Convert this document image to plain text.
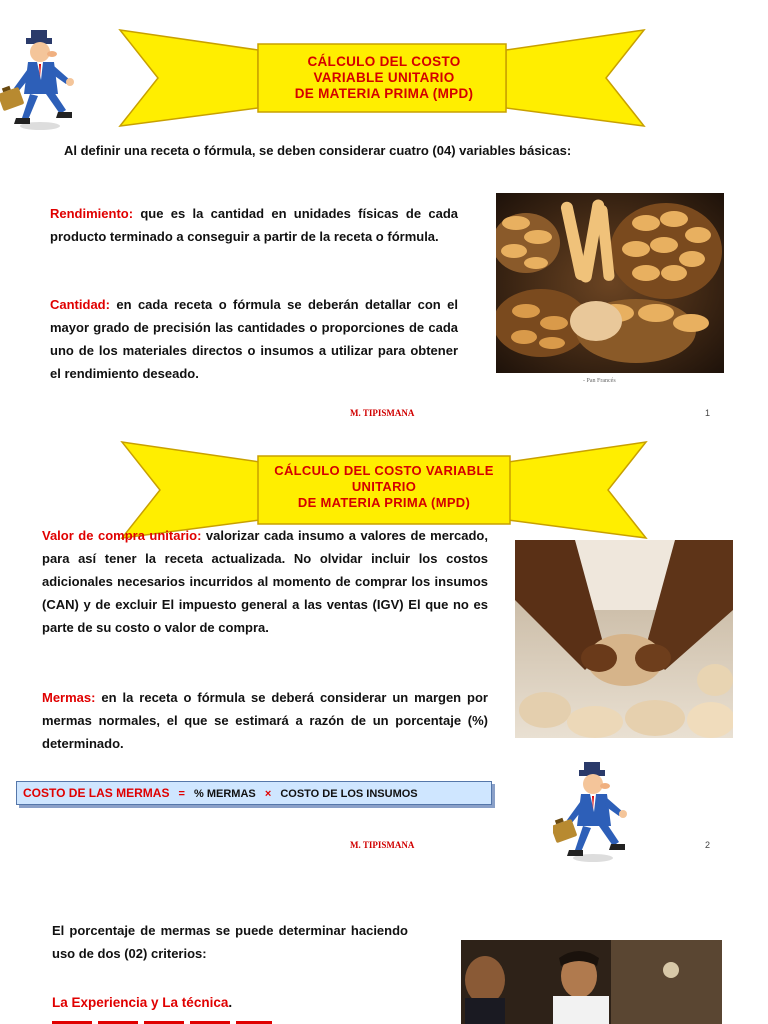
CÁLCULO DEL COSTO
VARIABLE UNITARIO
DE MATERIA PRIMA (MPD)
Al definir una receta o fórmula, se deben considerar cuatro (04) variables básicas:
Rendimiento: que es la cantidad en unidades físicas de cada producto terminado a conseguir a partir de la receta o fórmula.
Cantidad: en cada receta o fórmula se deberán detallar con el mayor grado de precisión las cantidades o proporciones de cada uno de los materiales directos o insumos a utilizar para obtener el rendimiento deseado.	- Pan Francés
M. TIPISMANA	1
CÁLCULO DEL COSTO VARIABLE
UNITARIO
DE MATERIA PRIMA (MPD)
Valor de compra unitario: valorizar cada insumo a valores de mercado, para así tener la receta actualizada. No olvidar incluir los costos adicionales necesarios incurridos al momento de comprar los insumos (CAN) y de excluir El impuesto general a las ventas (IGV) El que no es parte de su costo o valor de compra.
Mermas: en la receta o fórmula se deberá considerar un margen por mermas normales, el que se estimará a razón de un porcentaje (%) determinado.
COSTO DE LAS MERMAS = % MERMAS × COSTO DE LOS INSUMOS
M. TIPISMANA	2
El porcentaje de mermas se puede determinar haciendo uso de dos (02) criterios:
La Experiencia y La técnica.
